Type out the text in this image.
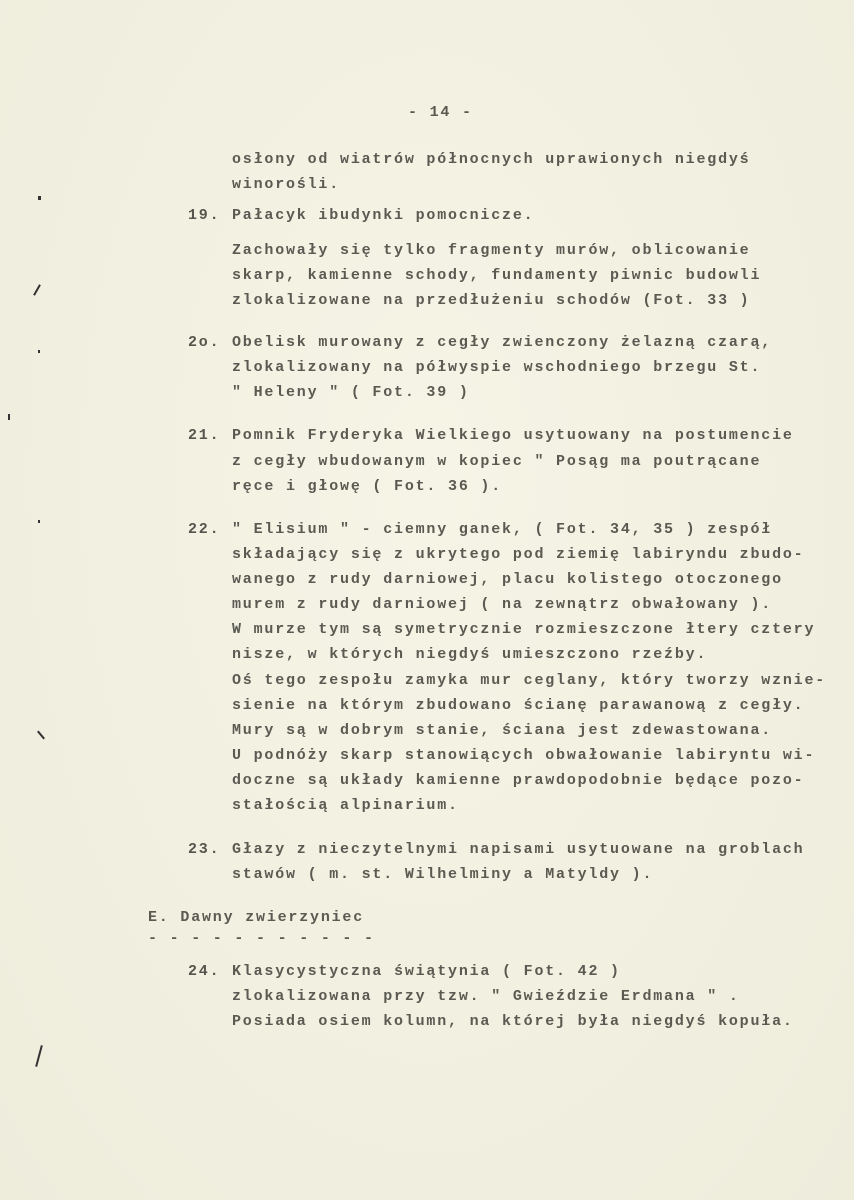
- 14 -
osłony od wiatrów północnych uprawionych niegdyś
winorośli.
19. Pałacyk ibudynki pomocnicze.
Zachowały się tylko fragmenty murów, oblicowanie
skarp, kamienne schody, fundamenty piwnic budowli
zlokalizowane na przedłużeniu schodów (Fot. 33 )
2o. Obelisk murowany z cegły zwienczony żelazną czarą,
zlokalizowany na półwyspie wschodniego brzegu St.
" Heleny " ( Fot. 39 )
21. Pomnik Fryderyka Wielkiego usytuowany na postumencie
z cegły wbudowanym w kopiec " Posąg ma poutrącane
ręce i głowę ( Fot. 36 ).
22. " Elisium " - ciemny ganek, ( Fot. 34, 35 ) zespół
składający się z ukrytego pod ziemię labiryndu zbudo-
wanego z rudy darniowej, placu kolistego otoczonego
murem z rudy darniowej ( na zewnątrz obwałowany ).
W murze tym są symetrycznie rozmieszczone łtery cztery
nisze, w których niegdyś umieszczono rzeźby.
Oś tego zespołu zamyka mur ceglany, który tworzy wznie-
sienie na którym zbudowano ścianę parawanową z cegły.
Mury są w dobrym stanie, ściana jest zdewastowana.
U podnóży skarp stanowiących obwałowanie labiryntu wi-
doczne są układy kamienne prawdopodobnie będące pozo-
stałością alpinarium.
23. Głazy z nieczytelnymi napisami usytuowane na groblach
stawów ( m. st. Wilhelminy a Matyldy ).
E. Dawny zwierzyniec
- - - - - - - - - - -
24. Klasycystyczna świątynia ( Fot. 42 )
zlokalizowana przy tzw. " Gwieździe Erdmana " .
Posiada osiem kolumn, na której była niegdyś kopuła.
